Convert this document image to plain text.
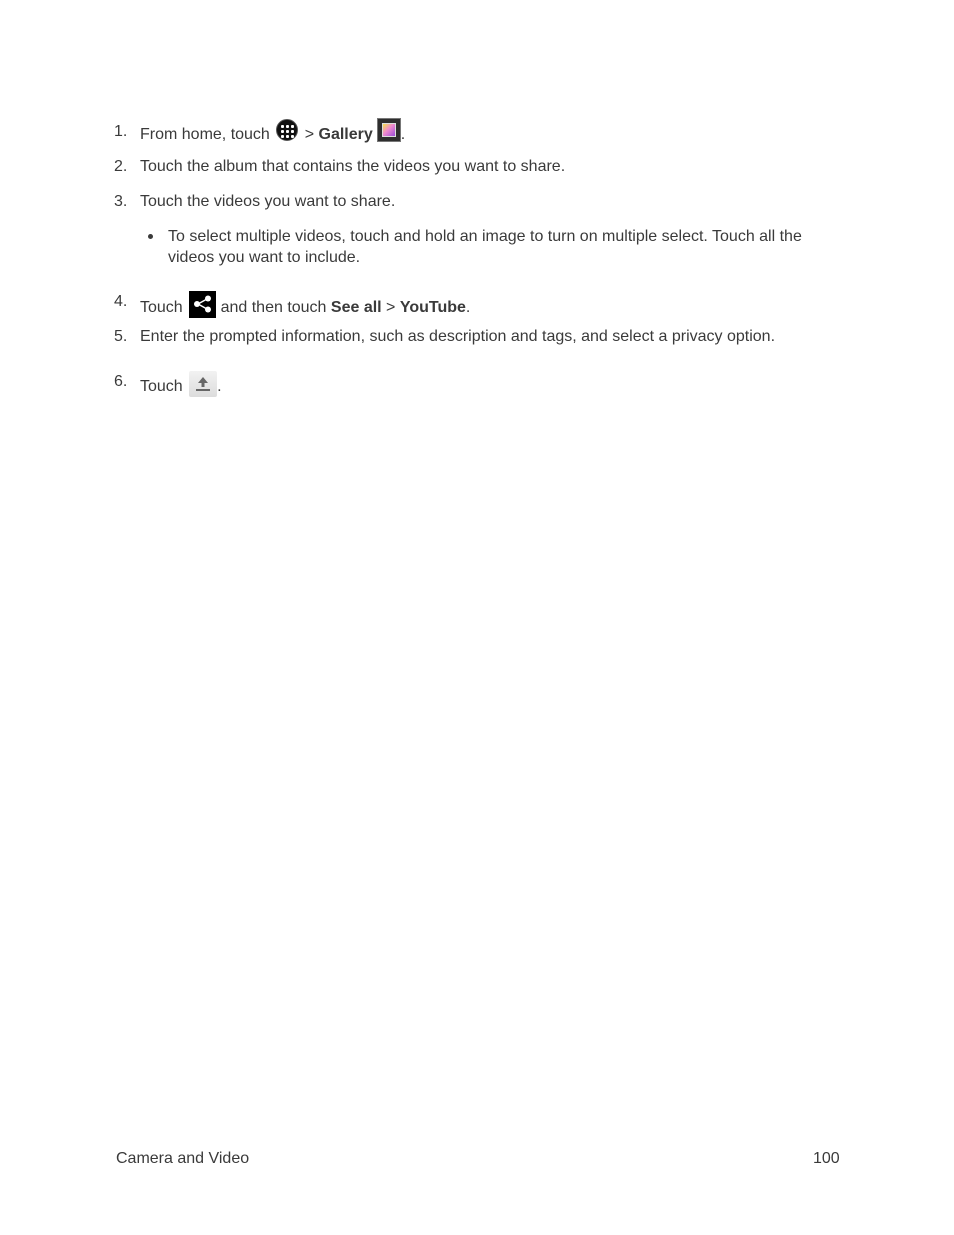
1. From home, touch
> Gallery .
2. Touch the album that contains the videos you want to share.
3. Touch the videos you want to share.
To select multiple videos, touch and hold an image to turn on multiple select. Touch all the
videos you want to include.
4. Touch  and then touch See all > YouTube.
5. Enter the prompted information, such as description and tags, and select a privacy option.
6. Touch .
Camera and Video	100
